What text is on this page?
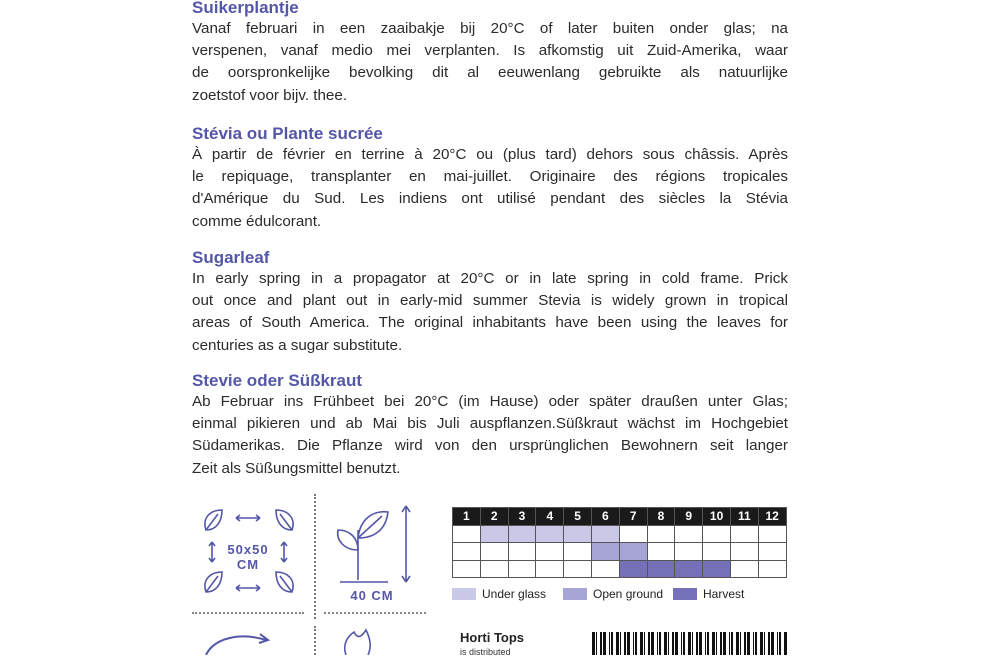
Suikerplantje
Vanaf februari in een zaaibakje bij 20°C of later buiten onder glas; na
verspenen, vanaf medio mei verplanten. Is afkomstig uit Zuid-Amerika, waar
de oorspronkelijke bevolking dit al eeuwenlang gebruikte als natuurlijke
zoetstof voor bijv. thee.
Stévia ou Plante sucrée
À partir de février en terrine à 20°C ou (plus tard) dehors sous châssis. Après
le repiquage, transplanter en mai-juillet. Originaire des régions tropicales
d'Amérique du Sud. Les indiens ont utilisé pendant des siècles la Stévia
comme édulcorant.
Sugarleaf
In early spring in a propagator at 20°C or in late spring in cold frame. Prick
out once and plant out in early-mid summer Stevia is widely grown in tropical
areas of South America. The original inhabitants have been using the leaves for
centuries as a sugar substitute.
Stevie oder Süßkraut
Ab Februar ins Frühbeet bei 20°C (im Hause) oder später draußen unter Glas;
einmal pikieren und ab Mai bis Juli auspflanzen.Süßkraut wächst im Hochgebiet
Südamerikas. Die Pflanze wird von den ursprünglichen Bewohnern seit langer
Zeit als Süßungsmittel benutzt.
50x50
CM
40 CM
1	2	3	4	5	6	7	8	9	10	11	12

Under glass	Open ground	Harvest
Horti Tops
is distributed
